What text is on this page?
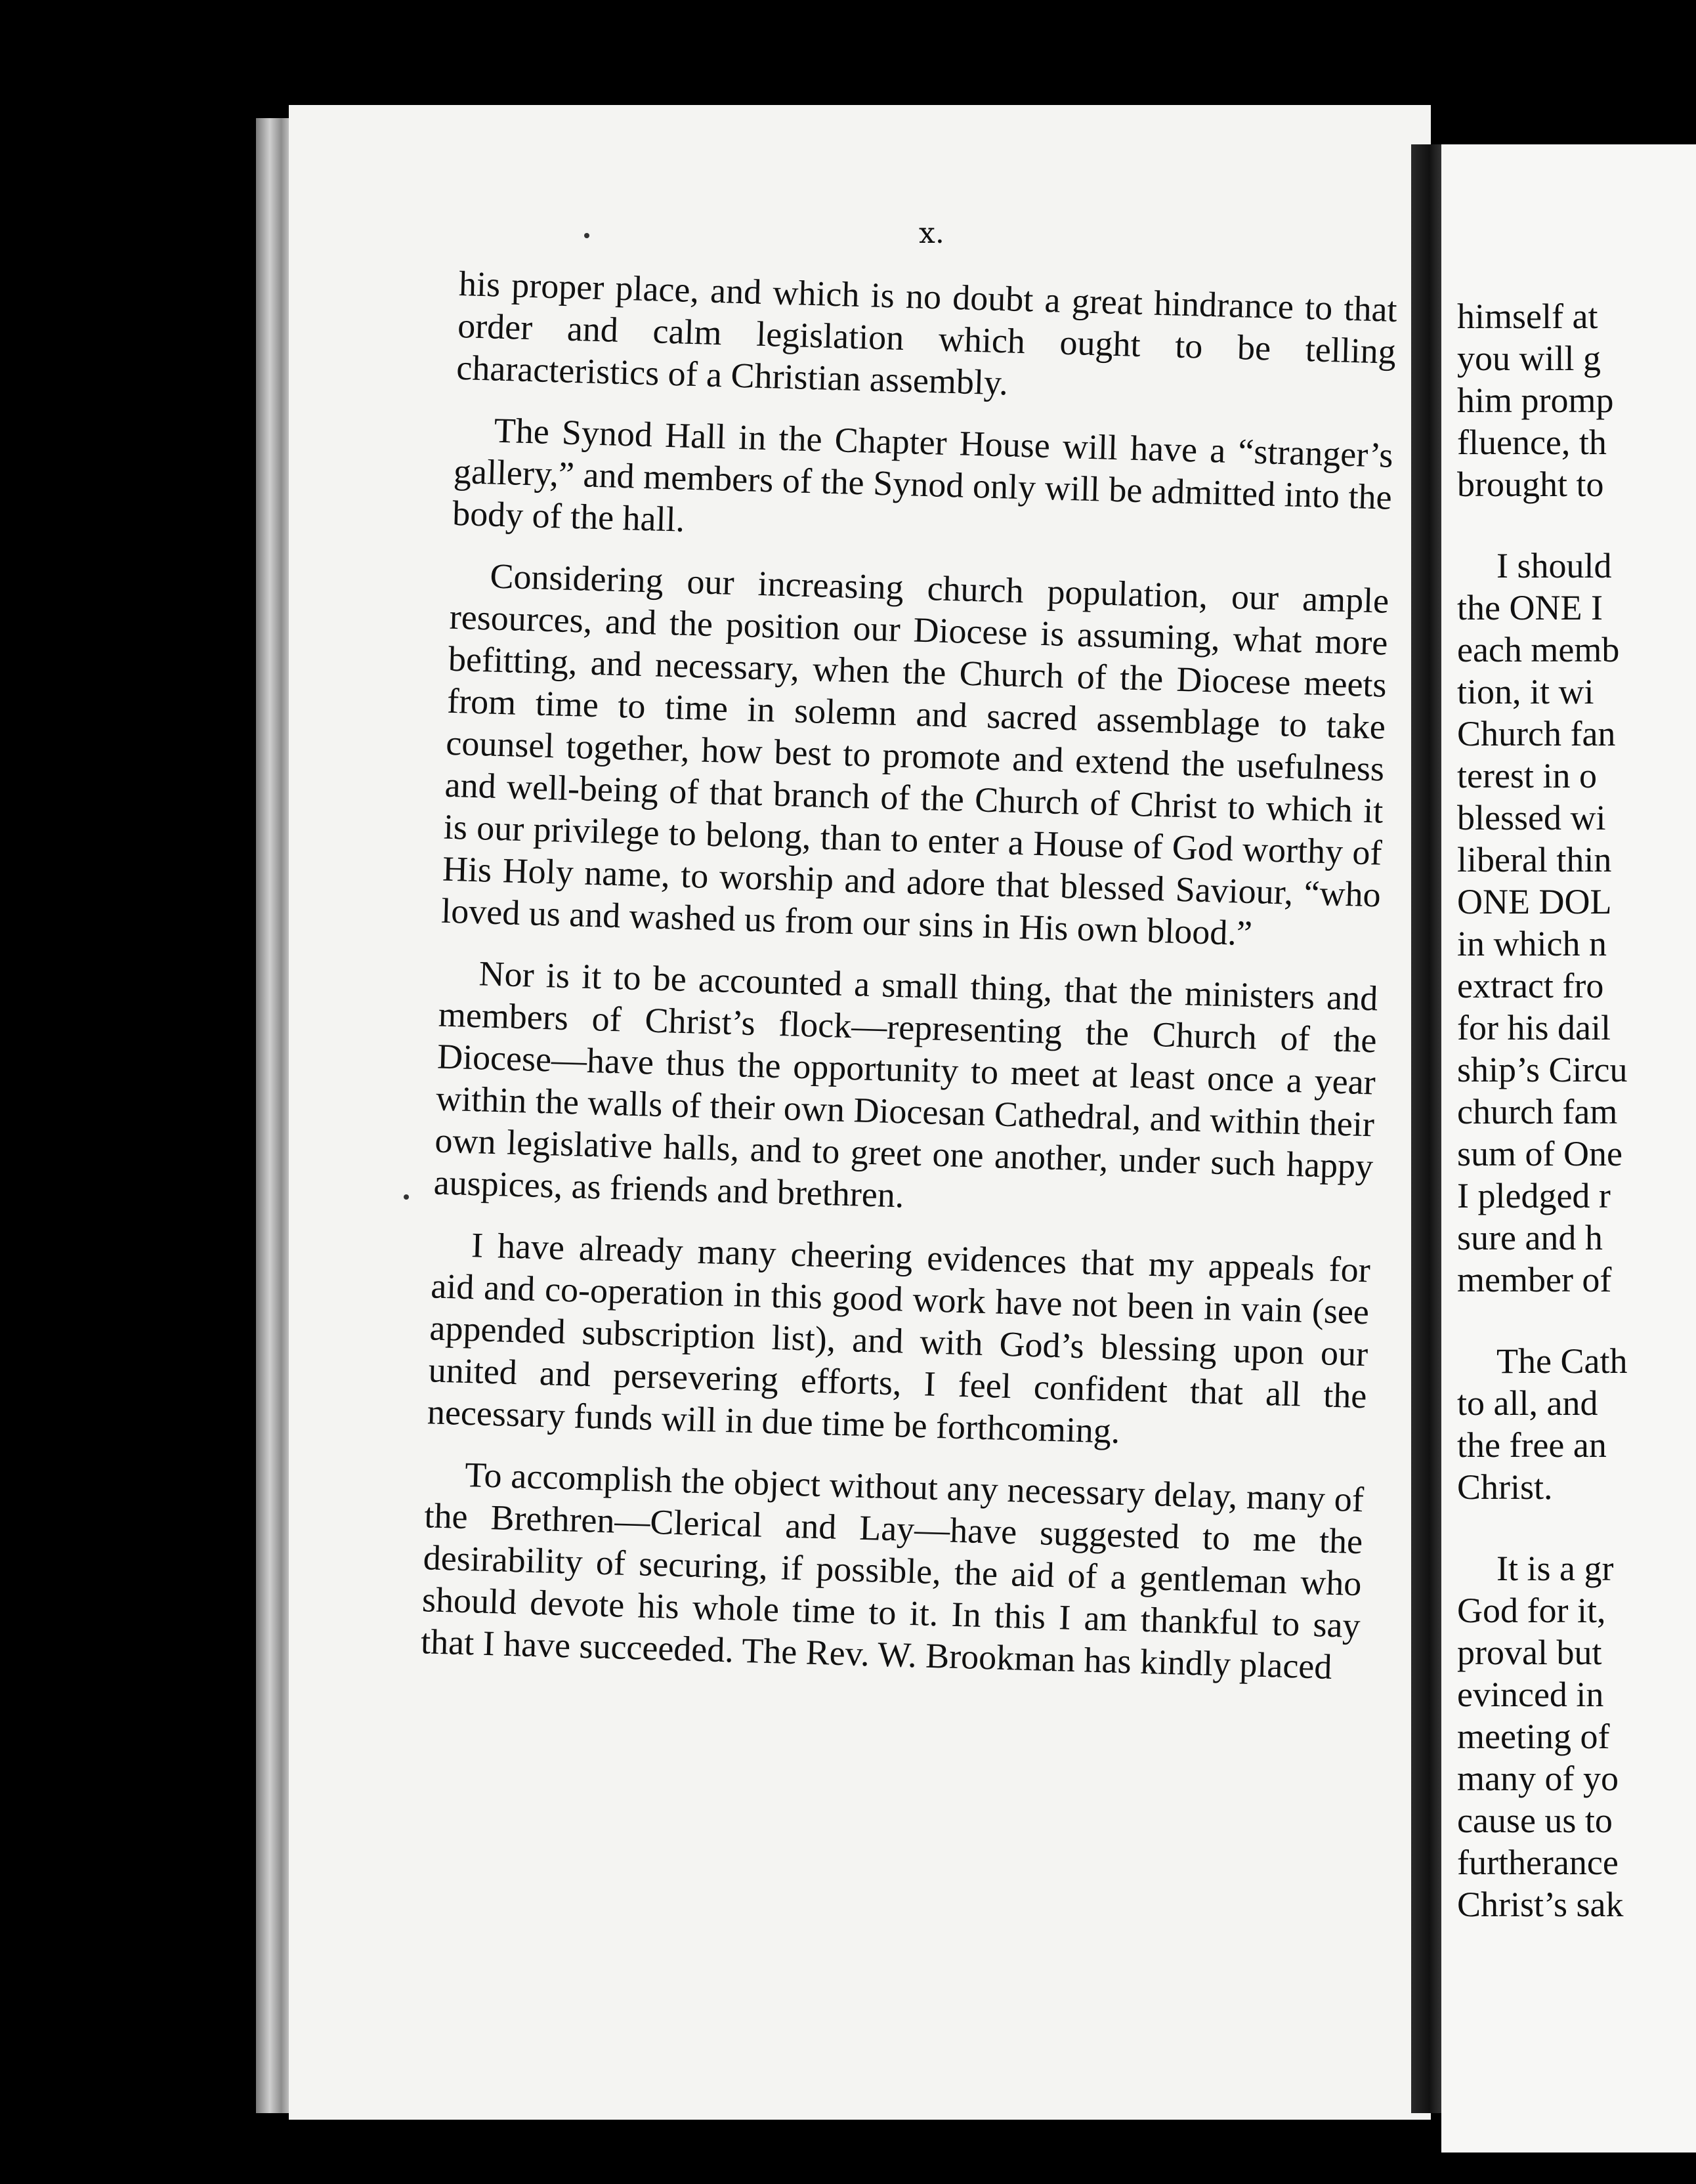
x.

his proper place, and which is no doubt a great hindrance to that order and calm legislation which ought to be telling characteristics of a Christian assembly.

The Synod Hall in the Chapter House will have a “stranger’s gallery,” and members of the Synod only will be admitted into the body of the hall.

Considering our increasing church population, our ample resources, and the position our Diocese is assuming, what more befitting, and necessary, when the Church of the Diocese meets from time to time in solemn and sacred assemblage to take counsel together, how best to promote and extend the usefulness and well-being of that branch of the Church of Christ to which it is our privilege to belong, than to enter a House of God worthy of His Holy name, to worship and adore that blessed Saviour, “who loved us and washed us from our sins in His own blood.”

Nor is it to be accounted a small thing, that the ministers and members of Christ’s flock—representing the Church of the Diocese—have thus the opportunity to meet at least once a year within the walls of their own Diocesan Cathedral, and within their own legislative halls, and to greet one another, under such happy auspices, as friends and brethren.

I have already many cheering evidences that my appeals for aid and co-operation in this good work have not been in vain (see appended subscription list), and with God’s blessing upon our united and persevering efforts, I feel confident that all the necessary funds will in due time be forthcoming.

To accomplish the object without any necessary delay, many of the Brethren—Clerical and Lay—have suggested to me the desirability of securing, if possible, the aid of a gentleman who should devote his whole time to it. In this I am thankful to say that I have succeeded. The Rev. W. Brookman has kindly placed

himself at

you will g

him promp

fluence, th

brought to

I should

the ONE I

each memb

tion, it wi

Church fan

terest in o

blessed wi

liberal thin

ONE DOL

in which n

extract fro

for his dail

ship’s Circu

church fam

sum of One

I pledged r

sure and h

member of

The Cath

to all, and

the free an

Christ.

It is a gr

God for it,

proval but

evinced in

meeting of

many of yo

cause us to

furtherance

Christ’s sak
